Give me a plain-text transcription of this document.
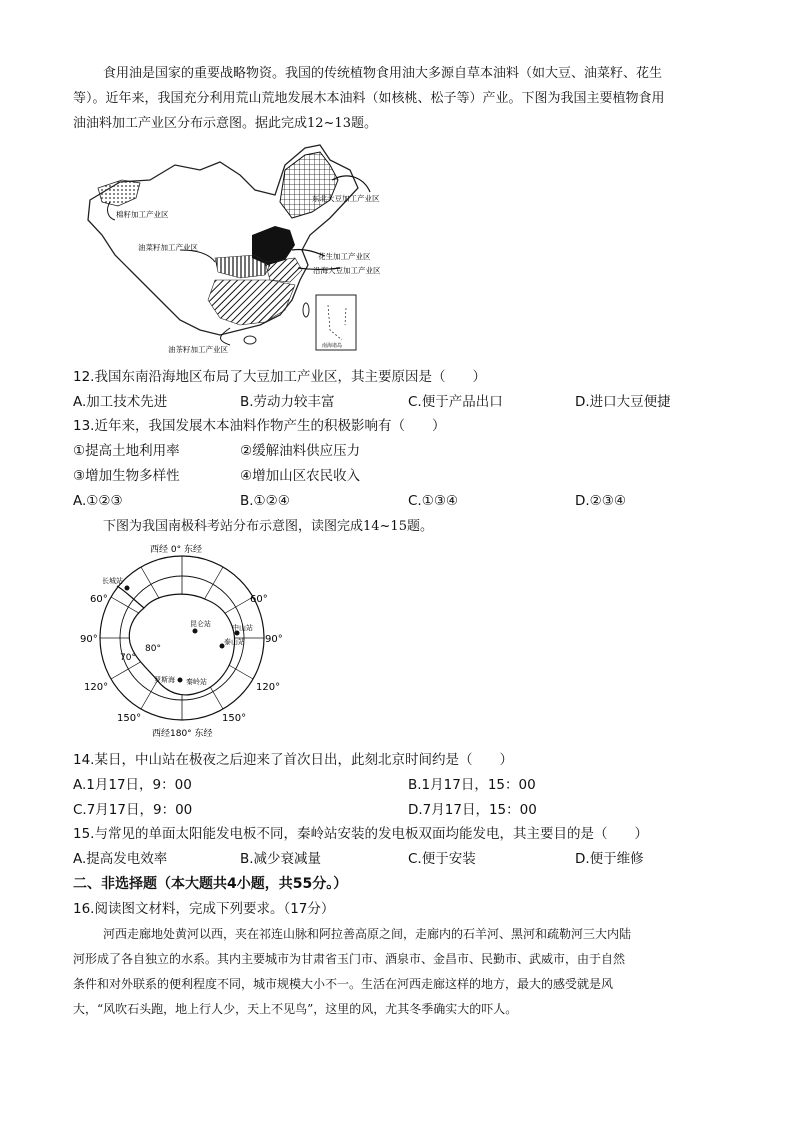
食用油是国家的重要战略物资。我国的传统植物食用油大多源自草本油料（如大豆、油菜籽、花生
等）。近年来，我国充分利用荒山荒地发展木本油料（如核桃、松子等）产业。下图为我国主要植物食用
油油料加工产业区分布示意图。据此完成12~13题。
棉籽加工产业区
油菜籽加工产业区
东北大豆加工产业区
花生加工产业区
沿海大豆加工产业区
油茶籽加工产业区	南海诸岛
12.我国东南沿海地区布局了大豆加工产业区，其主要原因是（　　）
A.加工技术先进	B.劳动力较丰富	C.便于产品出口	D.进口大豆便捷
13.近年来，我国发展木本油料作物产生的积极影响有（　　）
①提高土地利用率	②缓解油料供应压力
③增加生物多样性	④增加山区农民收入
A.①②③	B.①②④	C.①③④	D.②③④
下图为我国南极科考站分布示意图，读图完成14~15题。
西经 0° 东经
西经180° 东经
60°	60°
90°	90°
120°	120°
150°	150°
70°
80°
长城站
昆仑站	中山站
泰山站
秦岭站
罗斯海
14.某日，中山站在极夜之后迎来了首次日出，此刻北京时间约是（　　）
A.1月17日，9：00	B.1月17日，15：00
C.7月17日，9：00	D.7月17日，15：00
15.与常见的单面太阳能发电板不同，秦岭站安装的发电板双面均能发电，其主要目的是（　　）
A.提高发电效率	B.减少衰减量	C.便于安装	D.便于维修
二、非选择题（本大题共4小题，共55分。）
16.阅读图文材料，完成下列要求。（17分）
河西走廊地处黄河以西，夹在祁连山脉和阿拉善高原之间，走廊内的石羊河、黑河和疏勒河三大内陆
河形成了各自独立的水系。其内主要城市为甘肃省玉门市、酒泉市、金昌市、民勤市、武威市，由于自然
条件和对外联系的便利程度不同，城市规模大小不一。生活在河西走廊这样的地方，最大的感受就是风
大，“风吹石头跑，地上行人少，天上不见鸟”，这里的风，尤其冬季确实大的吓人。
